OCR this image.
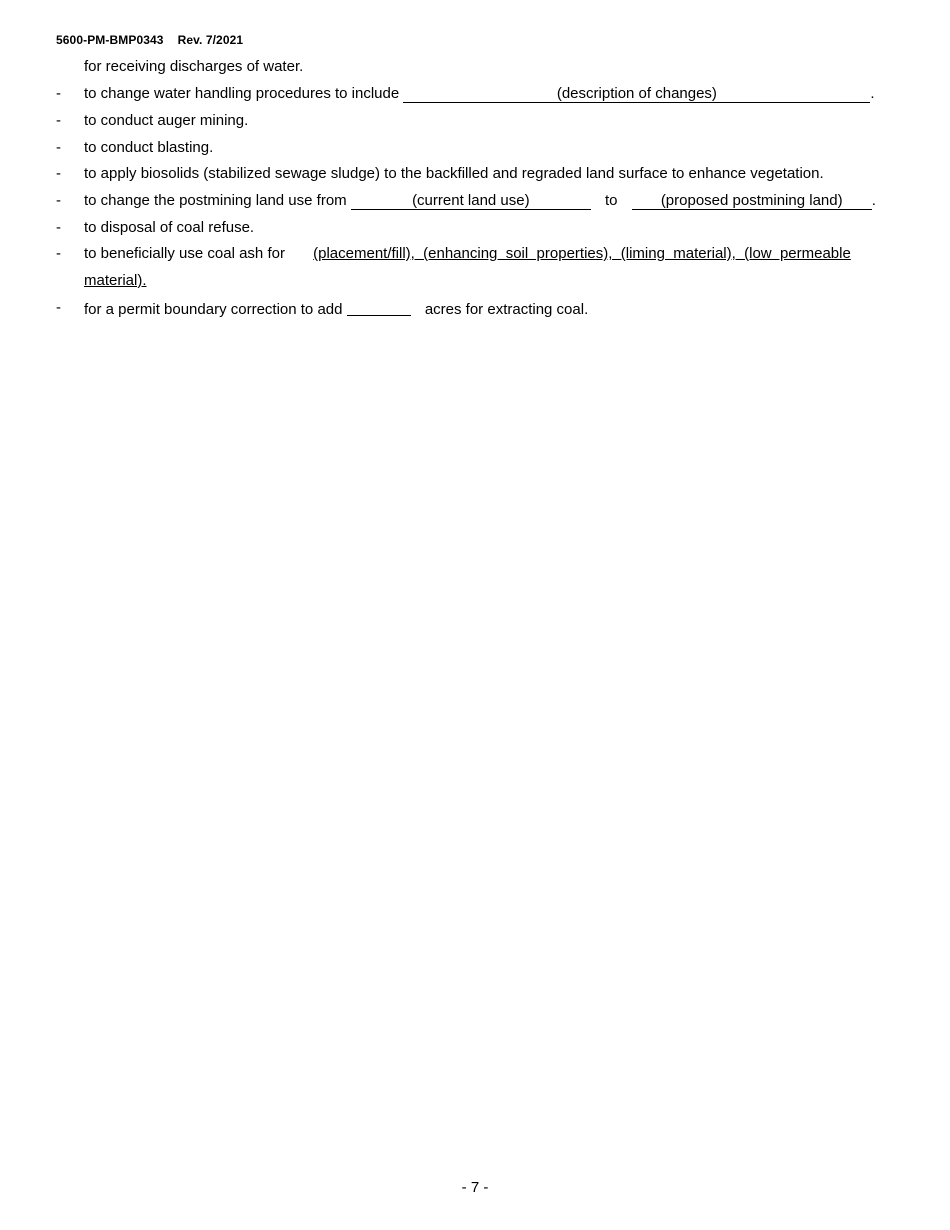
5600-PM-BMP0343 Rev. 7/2021
for receiving discharges of water.
- to change water handling procedures to include	(description of changes)	.
- to conduct auger mining.
- to conduct blasting.
- to apply biosolids (stabilized sewage sludge) to the backfilled and regraded land surface to enhance vegetation.
- to change the postmining land use from	(current land use)	to	(proposed postmining land) .
- to disposal of coal refuse.
- to beneficially use coal ash for (placement/fill),  (enhancing  soil  properties),  (liming  material),  (low  permeable
material).
- for a permit boundary correction to add	acres for extracting coal.
- 7 -
